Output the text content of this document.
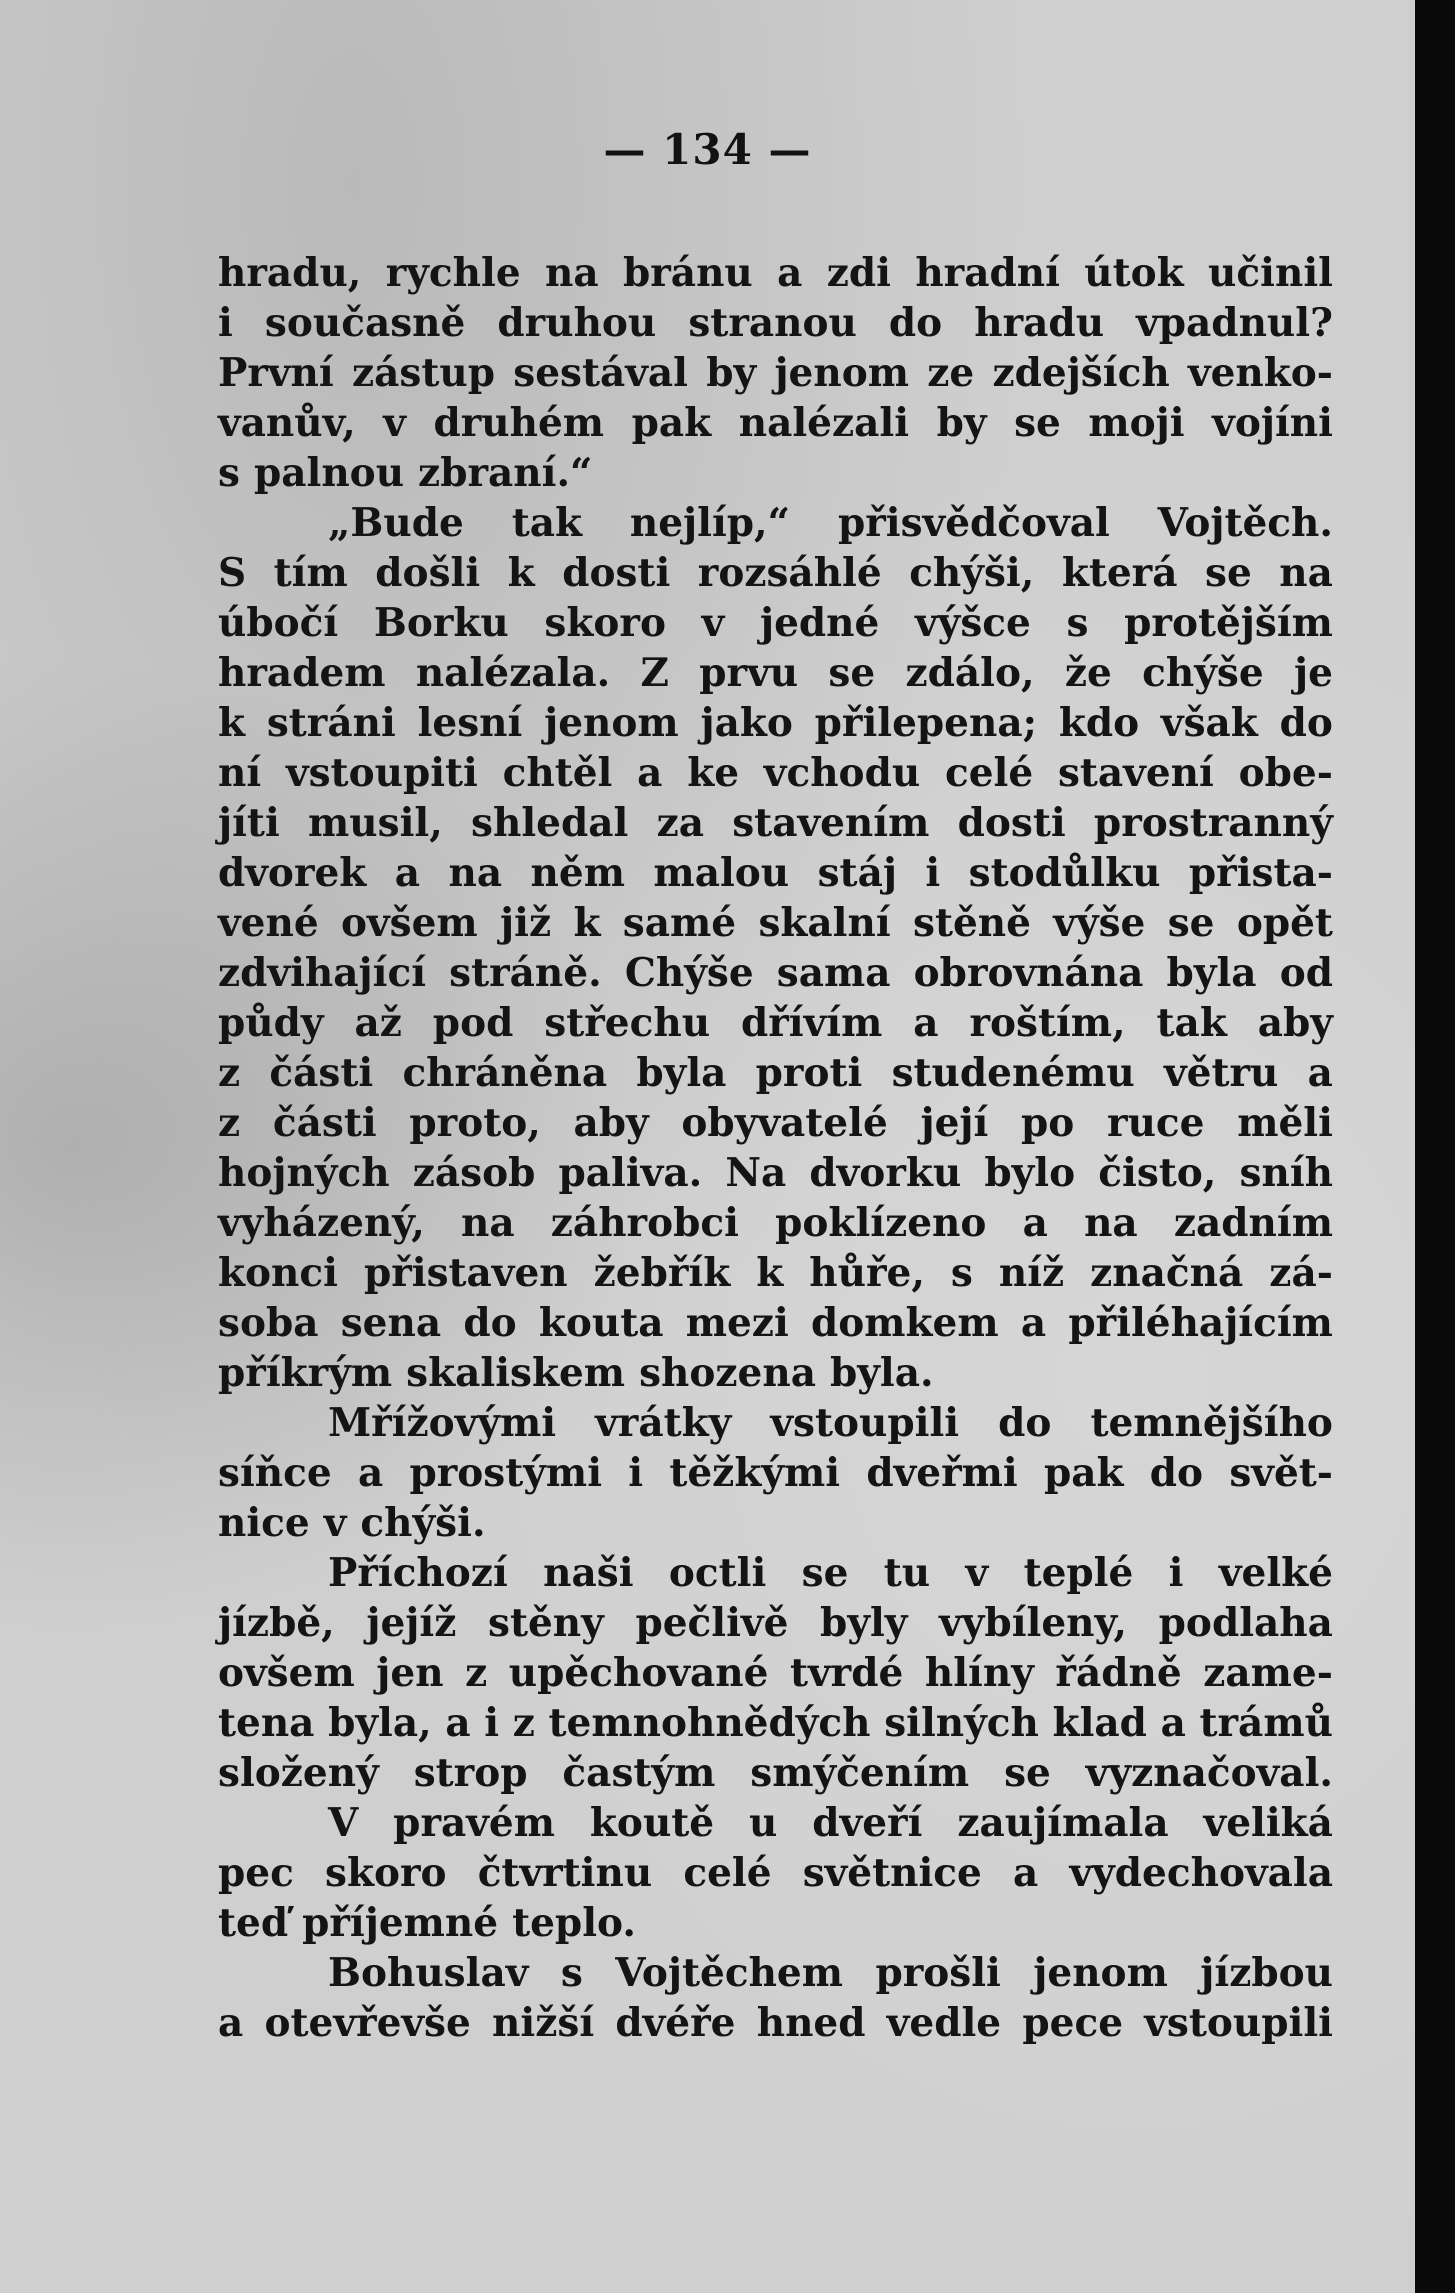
— 134 —
hradu, rychle na bránu a zdi hradní útok učinil
i současně druhou stranou do hradu vpadnul?
První zástup sestával by jenom ze zdejších venko-
vanův, v druhém pak nalézali by se moji vojíni
s palnou zbraní.“
„Bude tak nejlíp,“ přisvědčoval Vojtěch.
S tím došli k dosti rozsáhlé chýši, která se na
úbočí Borku skoro v jedné výšce s protějším
hradem nalézala. Z prvu se zdálo, že chýše je
k stráni lesní jenom jako přilepena; kdo však do
ní vstoupiti chtěl a ke vchodu celé stavení obe-
jíti musil, shledal za stavením dosti prostranný
dvorek a na něm malou stáj i stodůlku přista-
vené ovšem již k samé skalní stěně výše se opět
zdvihající stráně. Chýše sama obrovnána byla od
půdy až pod střechu dřívím a roštím, tak aby
z části chráněna byla proti studenému větru a
z části proto, aby obyvatelé její po ruce měli
hojných zásob paliva. Na dvorku bylo čisto, sníh
vyházený, na záhrobci poklízeno a na zadním
konci přistaven žebřík k hůře, s níž značná zá-
soba sena do kouta mezi domkem a přiléhajícím
příkrým skaliskem shozena byla.
Mřížovými vrátky vstoupili do temnějšího
síňce a prostými i těžkými dveřmi pak do svět-
nice v chýši.
Příchozí naši octli se tu v teplé i velké
jízbě, jejíž stěny pečlivě byly vybíleny, podlaha
ovšem jen z upěchované tvrdé hlíny řádně zame-
tena byla, a i z temnohnědých silných klad a trámů
složený strop častým smýčením se vyznačoval.
V pravém koutě u dveří zaujímala veliká
pec skoro čtvrtinu celé světnice a vydechovala
teď příjemné teplo.
Bohuslav s Vojtěchem prošli jenom jízbou
a otevřevše nižší dvéře hned vedle pece vstoupili
